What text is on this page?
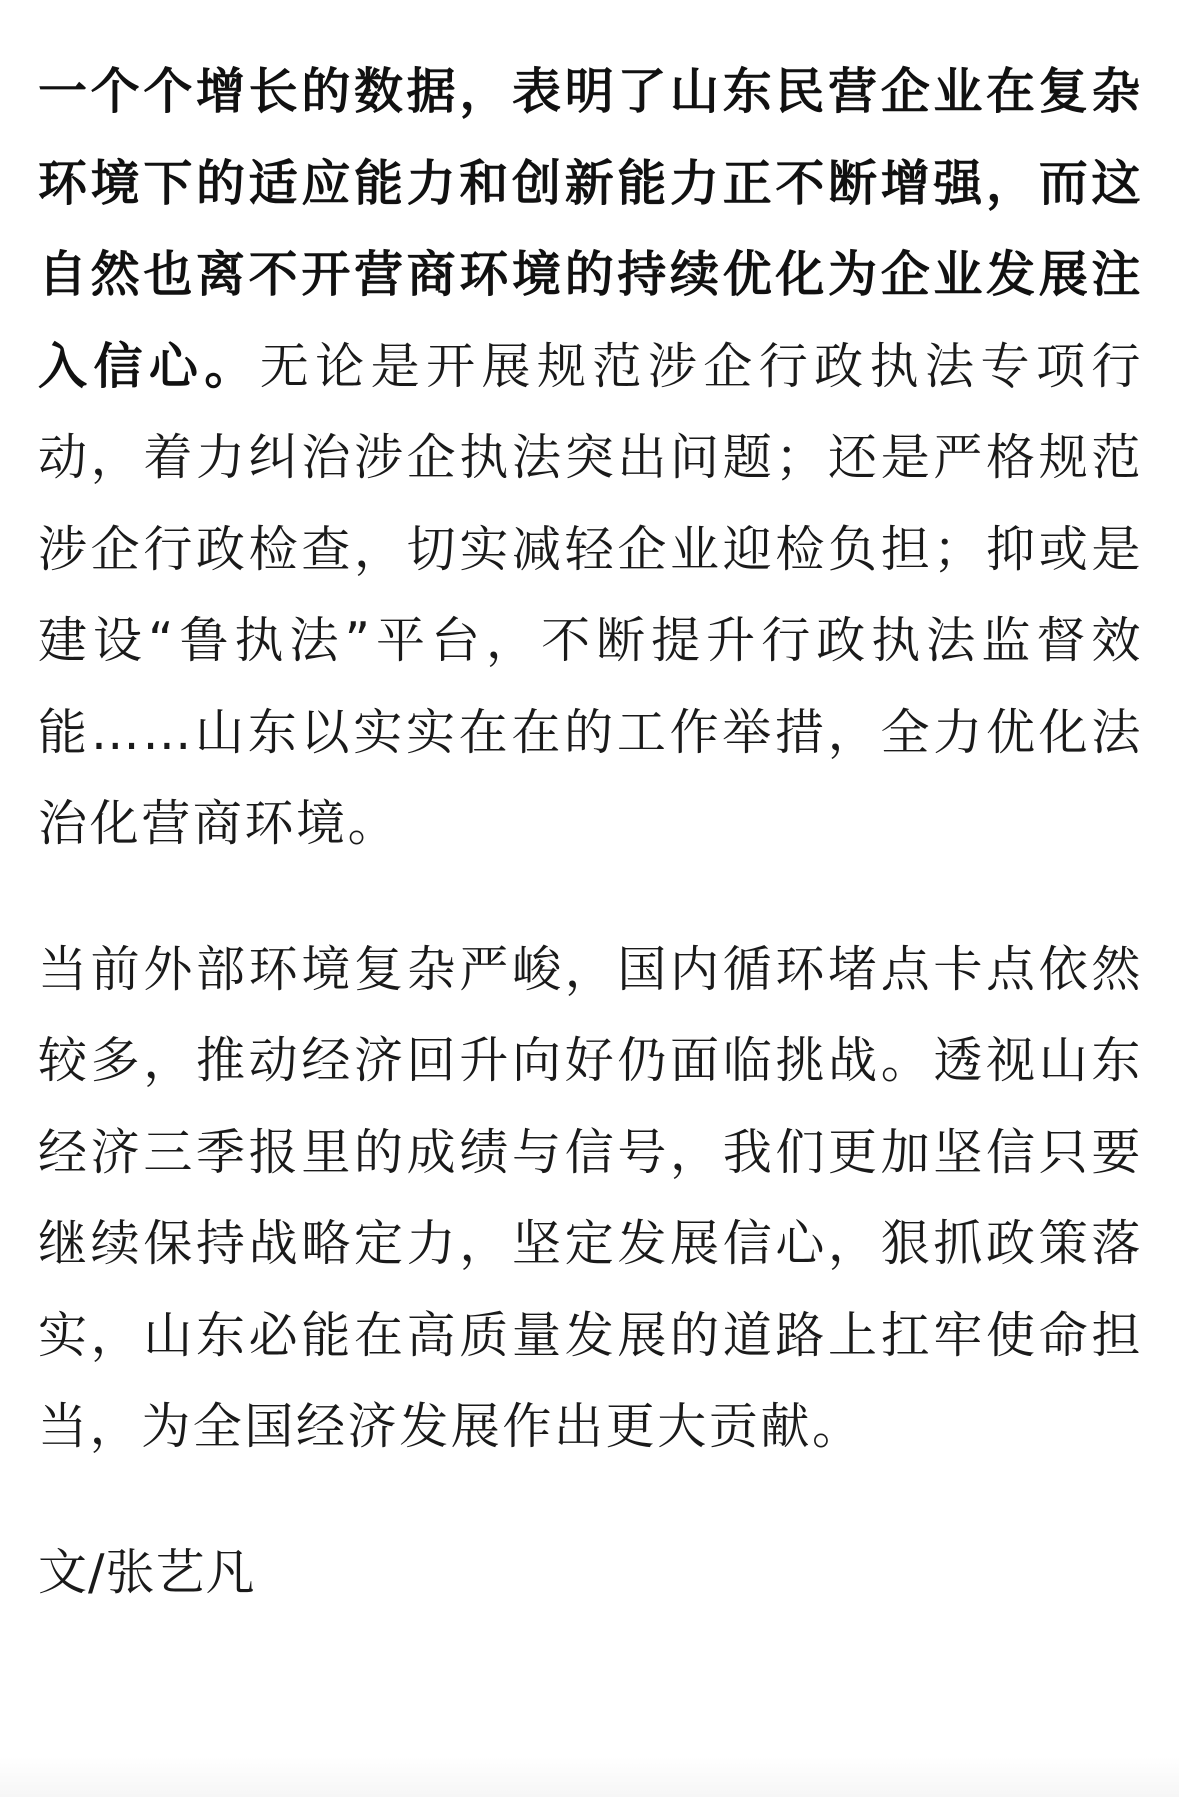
一个个增长的数据，表明了山东民营企业在复杂环境下的适应能力和创新能力正不断增强，而这自然也离不开营商环境的持续优化为企业发展注入信心。无论是开展规范涉企行政执法专项行动，着力纠治涉企执法突出问题；还是严格规范涉企行政检查，切实减轻企业迎检负担；抑或是建设“鲁执法”平台，不断提升行政执法监督效能……山东以实实在在的工作举措，全力优化法治化营商环境。

当前外部环境复杂严峻，国内循环堵点卡点依然较多，推动经济回升向好仍面临挑战。透视山东经济三季报里的成绩与信号，我们更加坚信只要继续保持战略定力，坚定发展信心，狠抓政策落实，山东必能在高质量发展的道路上扛牢使命担当，为全国经济发展作出更大贡献。

文/张艺凡
